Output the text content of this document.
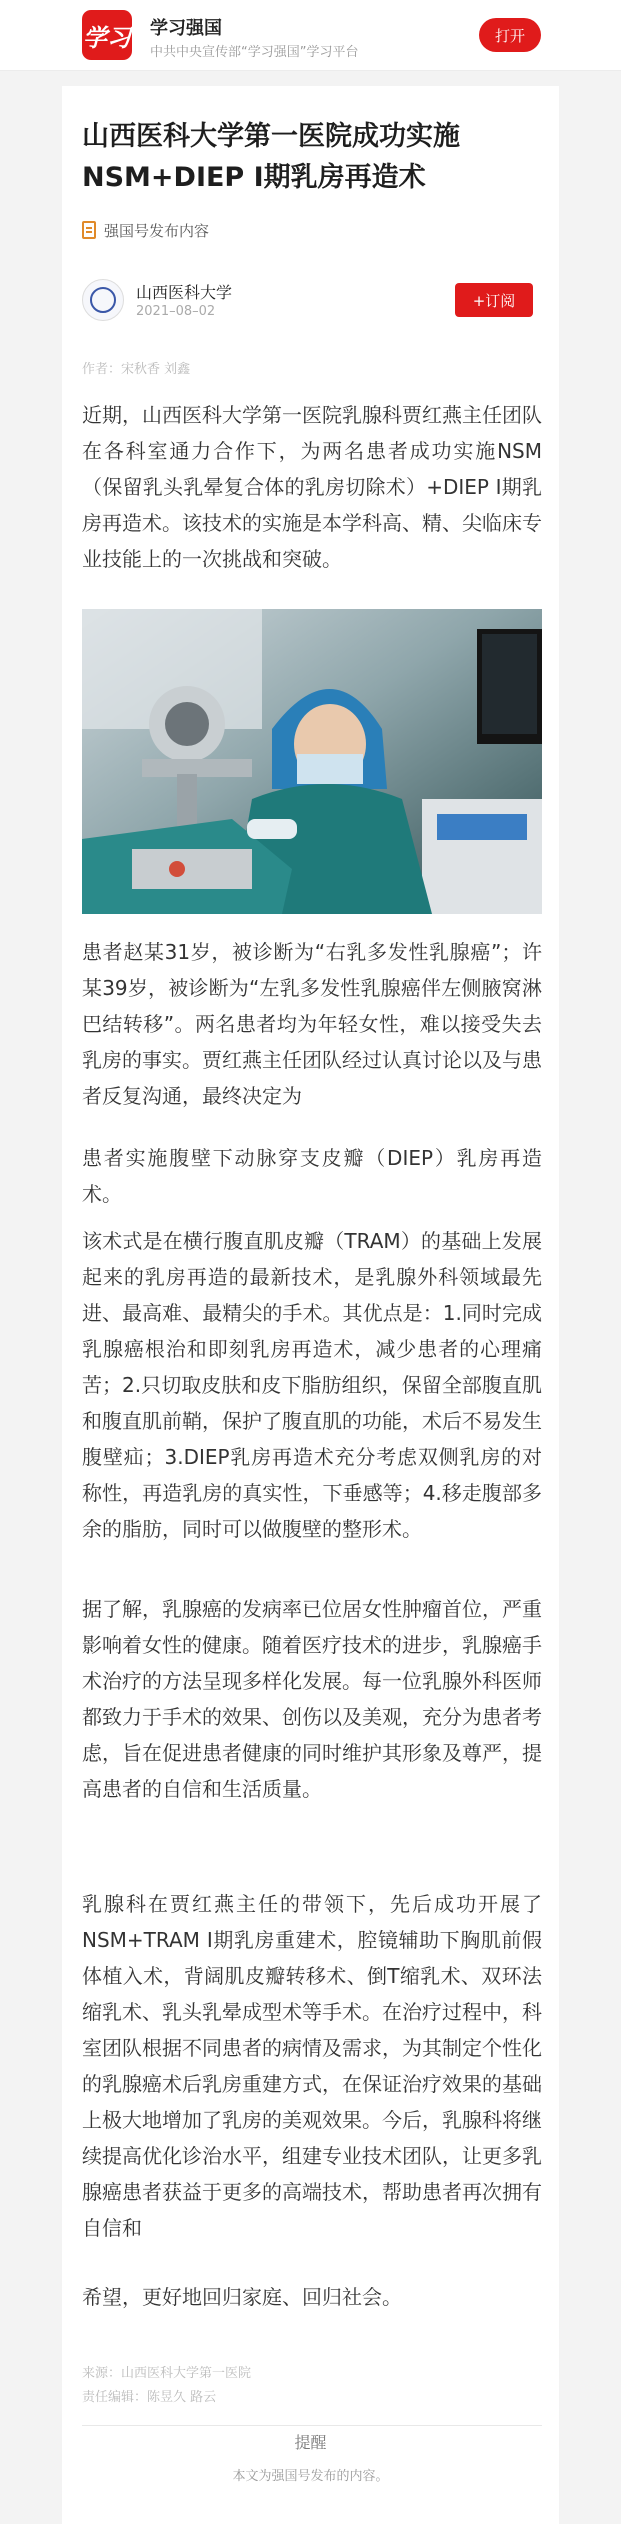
学习 学习强国
中共中央宣传部“学习强国”学习平台
打开
山西医科大学第一医院成功实施NSM+DIEP Ⅰ期乳房再造术
强国号发布内容
山西医科大学
2021–08–02
+订阅
作者：宋秋香 刘鑫

近期，山西医科大学第一医院乳腺科贾红燕主任团队在各科室通力合作下，为两名患者成功实施NSM（保留乳头乳晕复合体的乳房切除术）+DIEP Ⅰ期乳房再造术。该技术的实施是本学科高、精、尖临床专业技能上的一次挑战和突破。

患者赵某31岁，被诊断为“右乳多发性乳腺癌”；许某39岁，被诊断为“左乳多发性乳腺癌伴左侧腋窝淋巴结转移”。两名患者均为年轻女性，难以接受失去乳房的事实。贾红燕主任团队经过认真讨论以及与患者反复沟通，最终决定为

患者实施腹壁下动脉穿支皮瓣（DIEP）乳房再造术。

该术式是在横行腹直肌皮瓣（TRAM）的基础上发展起来的乳房再造的最新技术，是乳腺外科领域最先进、最高难、最精尖的手术。其优点是：1.同时完成乳腺癌根治和即刻乳房再造术，减少患者的心理痛苦；2.只切取皮肤和皮下脂肪组织，保留全部腹直肌和腹直肌前鞘，保护了腹直肌的功能，术后不易发生腹壁疝；3.DIEP乳房再造术充分考虑双侧乳房的对称性，再造乳房的真实性，下垂感等；4.移走腹部多余的脂肪，同时可以做腹壁的整形术。

据了解，乳腺癌的发病率已位居女性肿瘤首位，严重影响着女性的健康。随着医疗技术的进步，乳腺癌手术治疗的方法呈现多样化发展。每一位乳腺外科医师都致力于手术的效果、创伤以及美观，充分为患者考虑，旨在促进患者健康的同时维护其形象及尊严，提高患者的自信和生活质量。

乳腺科在贾红燕主任的带领下，先后成功开展了NSM+TRAM Ⅰ期乳房重建术，腔镜辅助下胸肌前假体植入术，背阔肌皮瓣转移术、倒T缩乳术、双环法缩乳术、乳头乳晕成型术等手术。在治疗过程中，科室团队根据不同患者的病情及需求，为其制定个性化的乳腺癌术后乳房重建方式，在保证治疗效果的基础上极大地增加了乳房的美观效果。今后，乳腺科将继续提高优化诊治水平，组建专业技术团队，让更多乳腺癌患者获益于更多的高端技术，帮助患者再次拥有自信和

希望，更好地回归家庭、回归社会。

来源：山西医科大学第一医院
责任编辑：陈昱久 路云
提醒
本文为强国号发布的内容。
